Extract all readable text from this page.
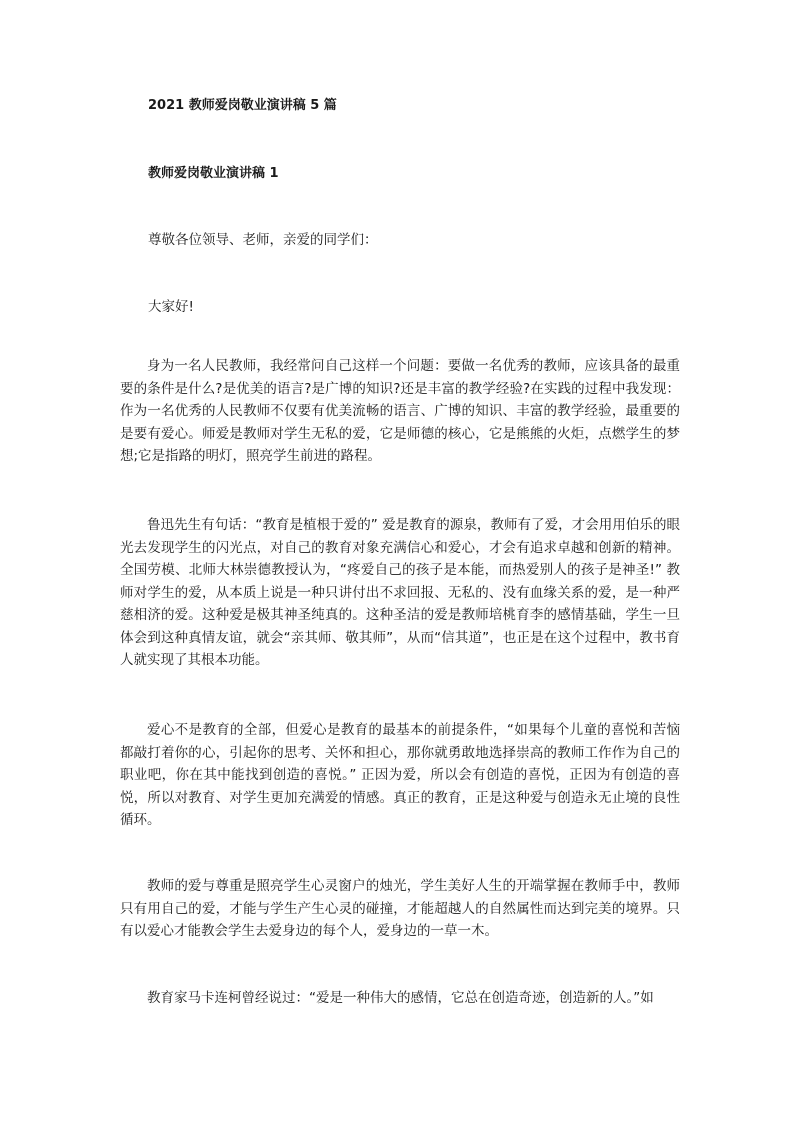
2021 教师爱岗敬业演讲稿 5 篇
教师爱岗敬业演讲稿 1
尊敬各位领导、老师，亲爱的同学们：
大家好!

身为一名人民教师，我经常问自己这样一个问题：要做一名优秀的教师，应该具备的最重要的条件是什么?是优美的语言?是广博的知识?还是丰富的教学经验?在实践的过程中我发现：作为一名优秀的人民教师不仅要有优美流畅的语言、广博的知识、丰富的教学经验，最重要的是要有爱心。师爱是教师对学生无私的爱，它是师德的核心，它是熊熊的火炬，点燃学生的梦想;它是指路的明灯，照亮学生前进的路程。

鲁迅先生有句话：“教育是植根于爱的” 爱是教育的源泉，教师有了爱，才会用用伯乐的眼光去发现学生的闪光点，对自己的教育对象充满信心和爱心，才会有追求卓越和创新的精神。全国劳模、北师大林崇德教授认为，“疼爱自己的孩子是本能，而热爱别人的孩子是神圣!” 教师对学生的爱，从本质上说是一种只讲付出不求回报、无私的、没有血缘关系的爱，是一种严慈相济的爱。这种爱是极其神圣纯真的。这种圣洁的爱是教师培桃育李的感情基础，学生一旦体会到这种真情友谊，就会“亲其师、敬其师”，从而“信其道”，也正是在这个过程中，教书育人就实现了其根本功能。

爱心不是教育的全部，但爱心是教育的最基本的前提条件，“如果每个儿童的喜悦和苦恼都敲打着你的心，引起你的思考、关怀和担心，那你就勇敢地选择崇高的教师工作作为自己的职业吧，你在其中能找到创造的喜悦。” 正因为爱，所以会有创造的喜悦，正因为有创造的喜悦，所以对教育、对学生更加充满爱的情感。真正的教育，正是这种爱与创造永无止境的良性循环。

教师的爱与尊重是照亮学生心灵窗户的烛光，学生美好人生的开端掌握在教师手中，教师只有用自己的爱，才能与学生产生心灵的碰撞，才能超越人的自然属性而达到完美的境界。只有以爱心才能教会学生去爱身边的每个人，爱身边的一草一木。

教育家马卡连柯曾经说过：“爱是一种伟大的感情，它总在创造奇迹，创造新的人。”如
